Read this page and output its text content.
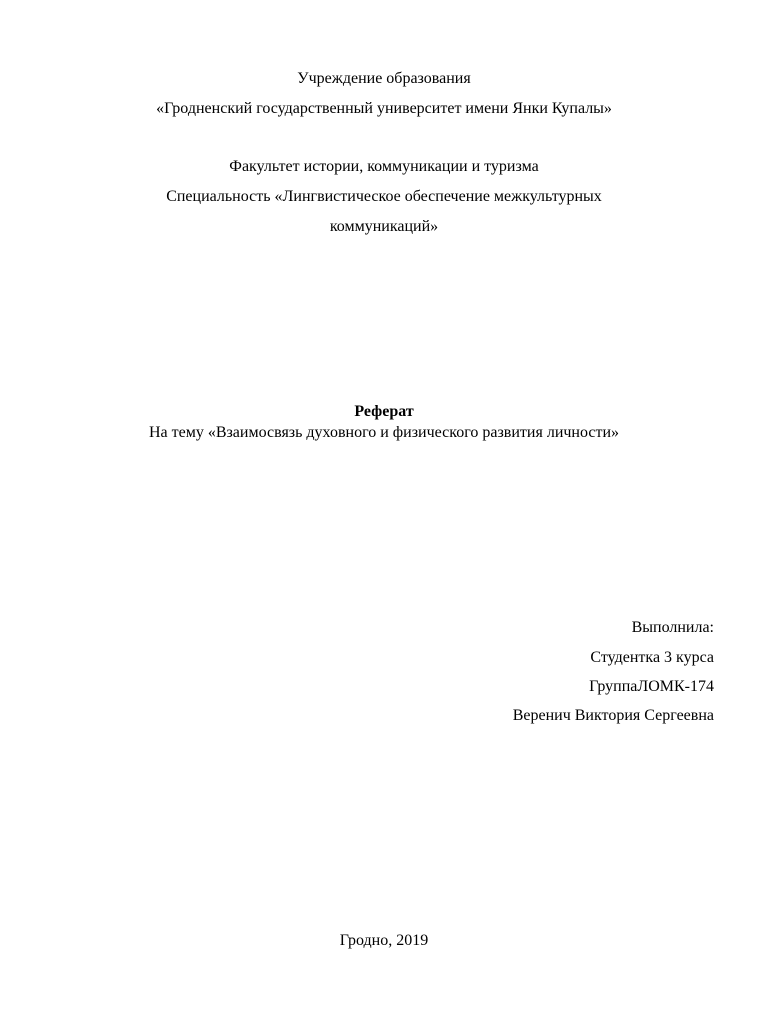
Учреждение образования
«Гродненский государственный университет имени Янки Купалы»
Факультет истории, коммуникации и туризма
Специальность «Лингвистическое обеспечение межкультурных
коммуникаций»
Реферат
На тему «Взаимосвязь духовного и физического развития личности»
Выполнила:
Студентка 3 курса
ГруппаЛОМК-174
Веренич Виктория Сергеевна
Гродно, 2019
